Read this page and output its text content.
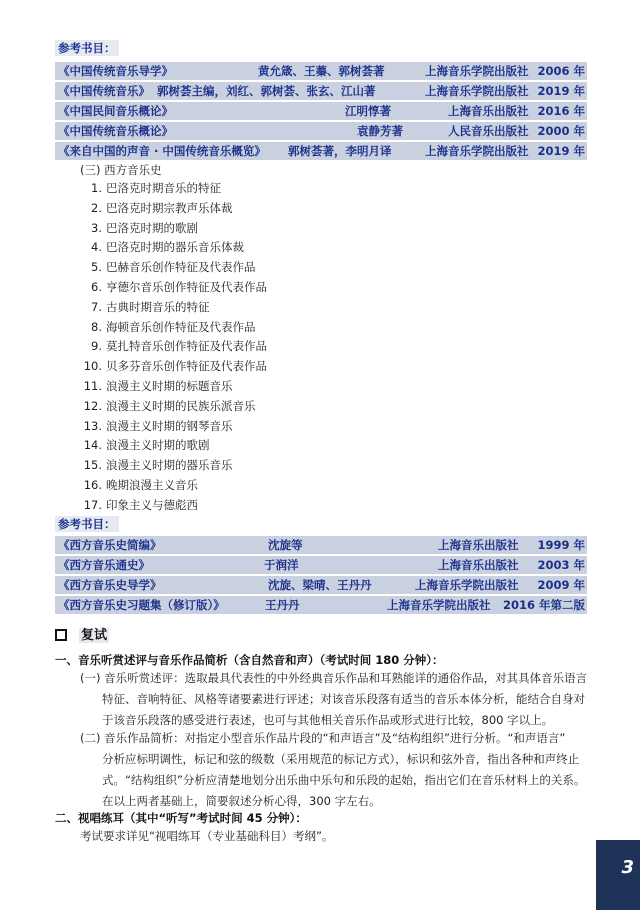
参考书目：
《中国传统音乐导学》	黄允箴、王蓁、郭树荟著	上海音乐学院出版社 2006 年
《中国传统音乐》 郭树荟主编，刘红、郭树荟、张玄、江山著	上海音乐学院出版社 2019 年
《中国民间音乐概论》	江明惇著	上海音乐出版社 2016 年
《中国传统音乐概论》	袁静芳著	人民音乐出版社 2000 年
《来自中国的声音 · 中国传统音乐概览》 郭树荟著，李明月译	上海音乐学院出版社 2019 年
(三) 西方音乐史
1. 巴洛克时期音乐的特征
2. 巴洛克时期宗教声乐体裁
3. 巴洛克时期的歌剧
4. 巴洛克时期的器乐音乐体裁
5. 巴赫音乐创作特征及代表作品
6. 亨德尔音乐创作特征及代表作品
7. 古典时期音乐的特征
8. 海顿音乐创作特征及代表作品
9. 莫扎特音乐创作特征及代表作品
10. 贝多芬音乐创作特征及代表作品
11. 浪漫主义时期的标题音乐
12. 浪漫主义时期的民族乐派音乐
13. 浪漫主义时期的钢琴音乐
14. 浪漫主义时期的歌剧
15. 浪漫主义时期的器乐音乐
16. 晚期浪漫主义音乐
17. 印象主义与德彪西
参考书目：
《西方音乐史简编》	沈旋等	上海音乐出版社 1999 年
《西方音乐通史》	于润洋	上海音乐出版社 2003 年
《西方音乐史导学》	沈旋、梁晴、王丹丹	上海音乐学院出版社 2009 年
《西方音乐史习题集（修订版）》	王丹丹	上海音乐学院出版社 2016 年第二版
复试
一、音乐听赏述评与音乐作品简析（含自然音和声）（考试时间 180 分钟）：
(一) 音乐听赏述评：选取最具代表性的中外经典音乐作品和耳熟能详的通俗作品，对其具体音乐语言
特征、音响特征、风格等诸要素进行评述；对该音乐段落有适当的音乐本体分析，能结合自身对
于该音乐段落的感受进行表述，也可与其他相关音乐作品或形式进行比较，800 字以上。
(二) 音乐作品简析：对指定小型音乐作品片段的“和声语言”及“结构组织”进行分析。“和声语言”
分析应标明调性，标记和弦的级数（采用规范的标记方式），标识和弦外音，指出各种和声终止
式。“结构组织”分析应清楚地划分出乐曲中乐句和乐段的起始，指出它们在音乐材料上的关系。
在以上两者基础上，简要叙述分析心得，300 字左右。
二、视唱练耳（其中“听写”考试时间 45 分钟）：
考试要求详见“视唱练耳（专业基础科目）考纲”。
3
